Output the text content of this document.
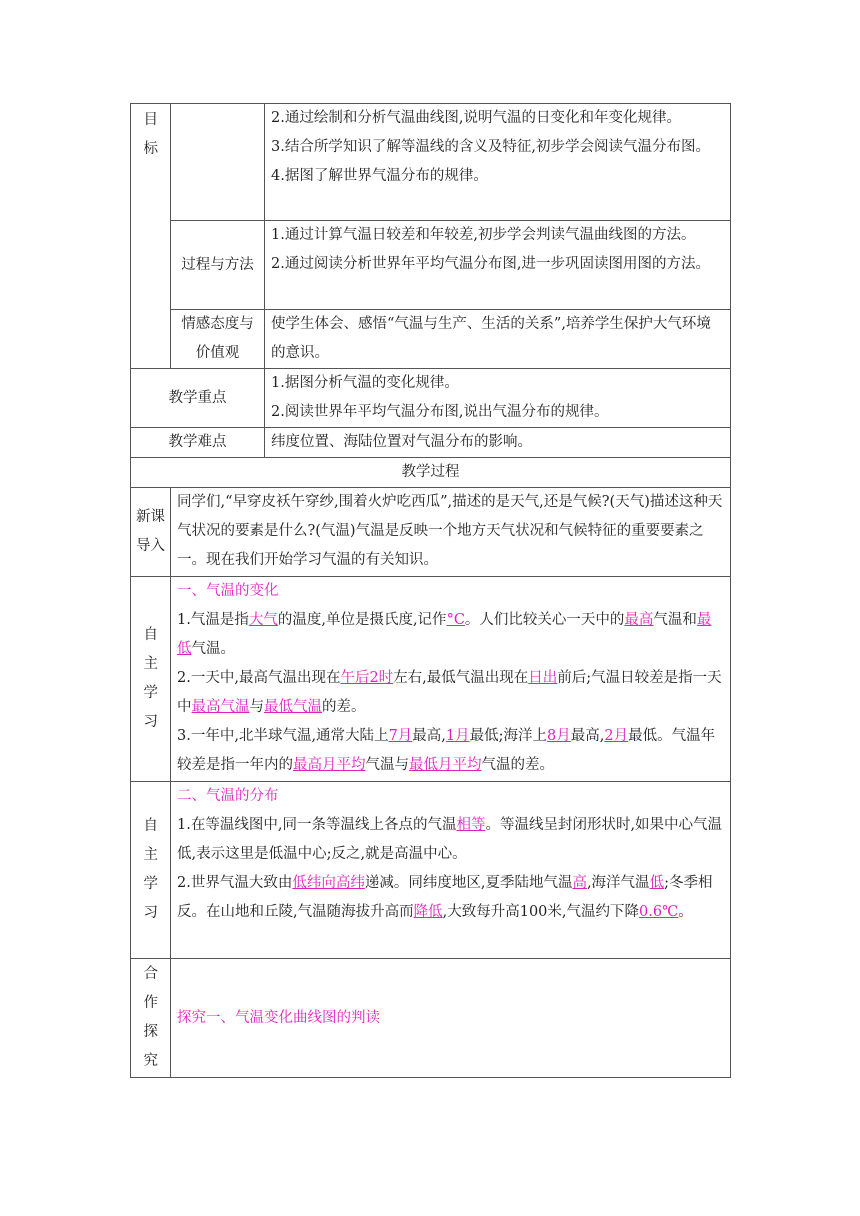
目标		2.通过绘制和分析气温曲线图,说明气温的日变化和年变化规律。
3.结合所学知识了解等温线的含义及特征,初步学会阅读气温分布图。
4.据图了解世界气温分布的规律。

	过程与方法	1.通过计算气温日较差和年较差,初步学会判读气温曲线图的方法。
2.通过阅读分析世界年平均气温分布图,进一步巩固读图用图的方法。

	情感态度与价值观	使学生体会、感悟“气温与生产、生活的关系”,培养学生保护大气环境的意识。
教学重点		1.据图分析气温的变化规律。
2.阅读世界年平均气温分布图,说出气温分布的规律。

教学难点		纬度位置、海陆位置对气温分布的影响。
教学过程		

新课导入	同学们,“早穿皮袄午穿纱,围着火炉吃西瓜”,描述的是天气,还是气候?(天气)描述这种天气状况的要素是什么?(气温)气温是反映一个地方天气状况和气候特征的重要要素之一。现在我们开始学习气温的有关知识。	

自主学习	一、气温的变化
1.气温是指大气的温度,单位是摄氏度,记作°C。人们比较关心一天中的最高气温和最低气温。
2.一天中,最高气温出现在午后2时左右,最低气温出现在日出前后;气温日较差是指一天中最高气温与最低气温的差。
3.一年中,北半球气温,通常大陆上7月最高,1月最低;海洋上8月最高,2月最低。气温年较差是指一年内的最高月平均气温与最低月平均气温的差。	

自主学习	二、气温的分布
1.在等温线图中,同一条等温线上各点的气温相等。等温线呈封闭形状时,如果中心气温低,表示这里是低温中心;反之,就是高温中心。
2.世界气温大致由低纬向高纬递减。同纬度地区,夏季陆地气温高,海洋气温低;冬季相反。在山地和丘陵,气温随海拔升高而降低,大致每升高100米,气温约下降0.6℃。	

合作探究	探究一、气温变化曲线图的判读	
